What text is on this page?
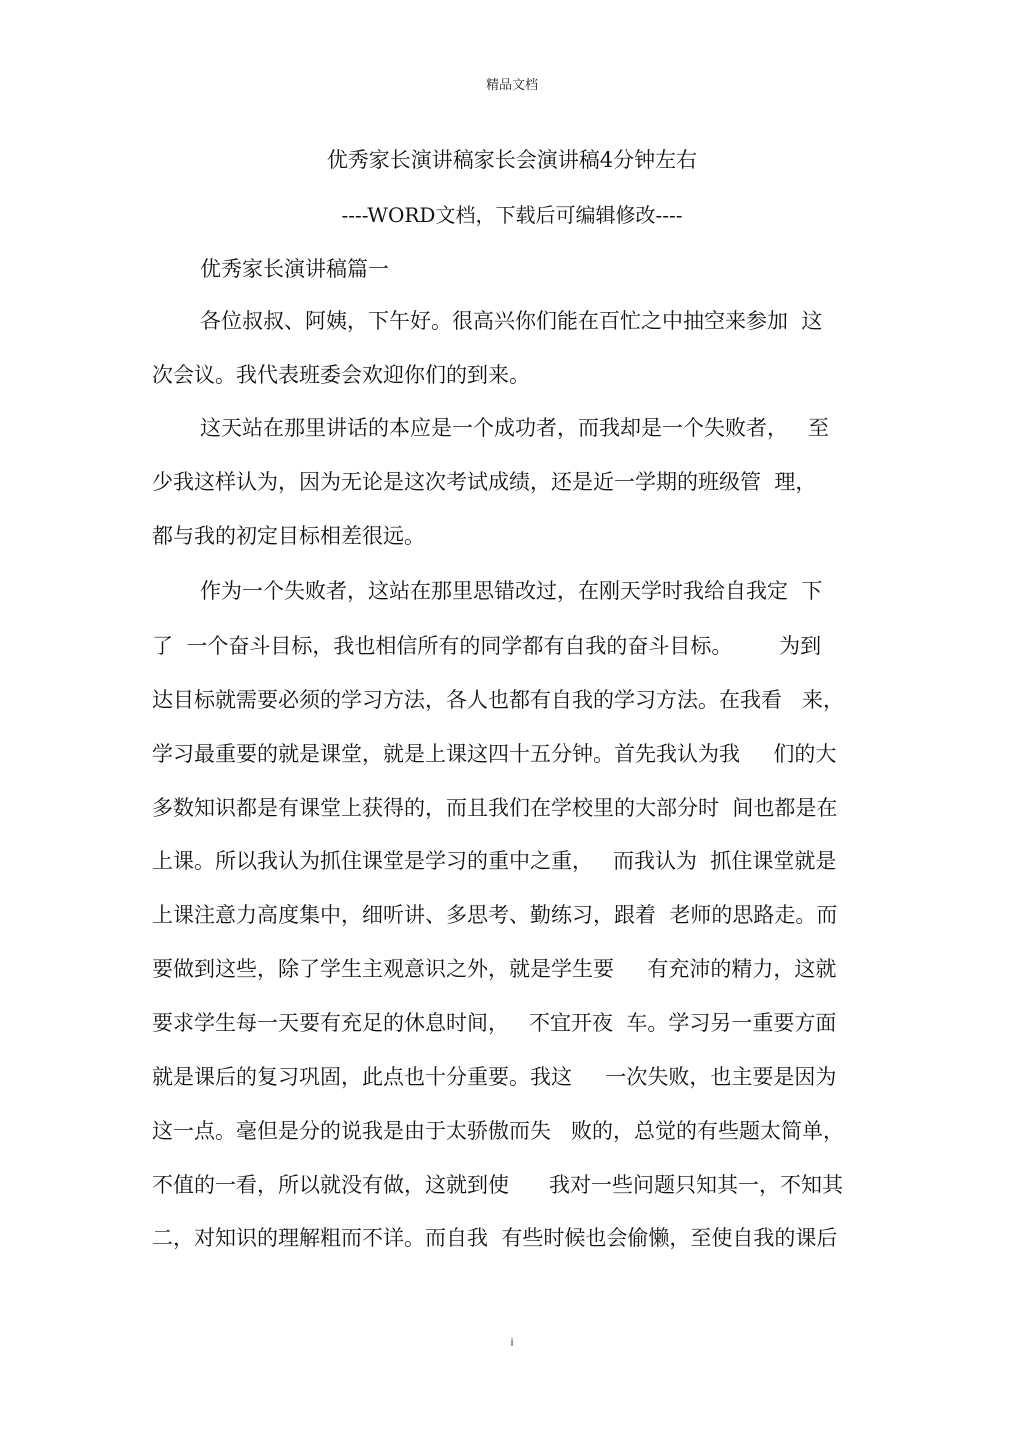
精品文档
优秀家长演讲稿家长会演讲稿4分钟左右
----WORD文档，下载后可编辑修改----
优秀家长演讲稿篇一
各位叔叔、阿姨，下午好。很高兴你们能在百忙之中抽空来参加  这
次会议。我代表班委会欢迎你们的到来。
这天站在那里讲话的本应是一个成功者，而我却是一个失败者，   至
少我这样认为，因为无论是这次考试成绩，还是近一学期的班级管  理，
都与我的初定目标相差很远。
作为一个失败者，这站在那里思错改过，在刚天学时我给自我定  下
了  一个奋斗目标，我也相信所有的同学都有自我的奋斗目标。       为到
达目标就需要必须的学习方法，各人也都有自我的学习方法。在我看   来，
学习最重要的就是课堂，就是上课这四十五分钟。首先我认为我     们的大
多数知识都是有课堂上获得的，而且我们在学校里的大部分时  间也都是在
上课。所以我认为抓住课堂是学习的重中之重，   而我认为  抓住课堂就是
上课注意力高度集中，细听讲、多思考、勤练习，跟着  老师的思路走。而
要做到这些，除了学生主观意识之外，就是学生要     有充沛的精力，这就
要求学生每一天要有充足的休息时间，   不宜开夜  车。学习另一重要方面
就是课后的复习巩固，此点也十分重要。我这     一次失败，也主要是因为
这一点。毫但是分的说我是由于太骄傲而失   败的，总觉的有些题太简单，
不值的一看，所以就没有做，这就到使      我对一些问题只知其一，不知其
二，对知识的理解粗而不详。而自我  有些时候也会偷懒，至使自我的课后
i
